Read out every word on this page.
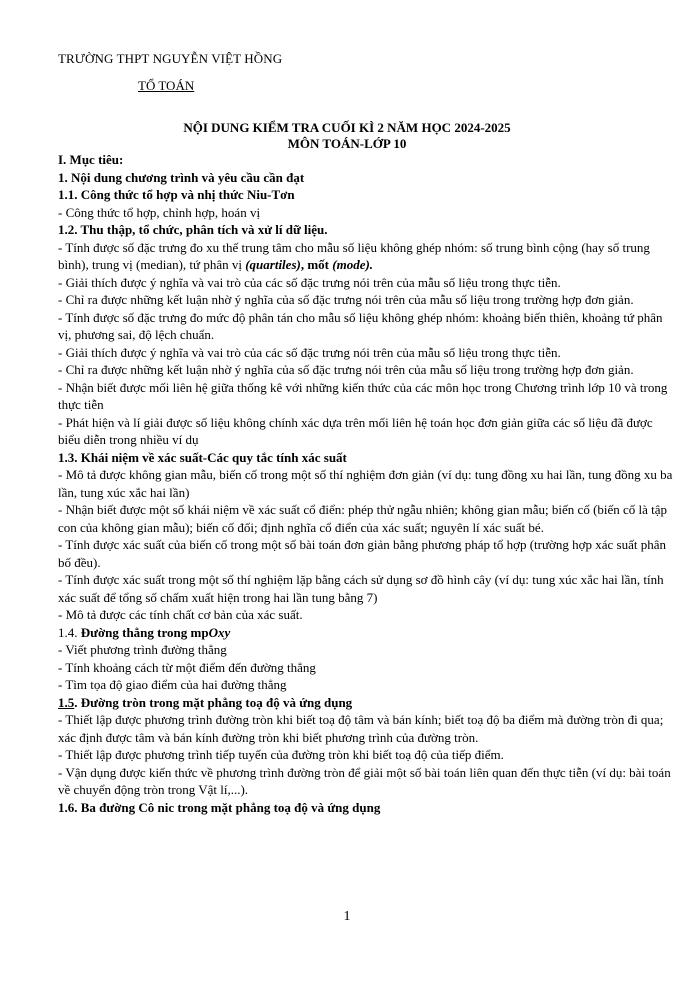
TRƯỜNG THPT NGUYỄN VIỆT HỒNG
TỔ TOÁN
NỘI DUNG KIỂM TRA CUỐI KÌ 2 NĂM HỌC 2024-2025
MÔN TOÁN-LỚP 10

I. Mục tiêu:

1. Nội dung chương trình và yêu cầu cần đạt

1.1. Công thức tổ hợp và nhị thức Niu-Tơn

- Công thức tổ hợp, chỉnh hợp, hoán vị

1.2. Thu thập, tổ chức, phân tích và xử lí dữ liệu.

- Tính được số đặc trưng đo xu thế trung tâm cho mẫu số liệu không ghép nhóm: số trung bình cộng (hay số trung bình), trung vị (median), tứ phân vị (quartiles), mốt (mode).

- Giải thích được ý nghĩa và vai trò của các số đặc trưng nói trên của mẫu số liệu trong thực tiễn.

- Chỉ ra được những kết luận nhờ ý nghĩa của số đặc trưng nói trên của mẫu số liệu trong trường hợp đơn giản.

- Tính được số đặc trưng đo mức độ phân tán cho mẫu số liệu không ghép nhóm: khoảng biến thiên, khoảng tứ phân vị, phương sai, độ lệch chuẩn.

- Giải thích được ý nghĩa và vai trò của các số đặc trưng nói trên của mẫu số liệu trong thực tiễn.

- Chỉ ra được những kết luận nhờ ý nghĩa của số đặc trưng nói trên của mẫu số liệu trong trường hợp đơn giản.

- Nhận biết được mối liên hệ giữa thống kê với những kiến thức của các môn học trong Chương trình lớp 10 và trong thực tiễn

- Phát hiện và lí giải được số liệu không chính xác dựa trên mối liên hệ toán học đơn giản giữa các số liệu đã được biểu diễn trong nhiều ví dụ

1.3. Khái niệm về xác suất-Các quy tắc tính xác suất

- Mô tả được không gian mẫu, biến cố trong một số thí nghiệm đơn giản (ví dụ: tung đồng xu hai lần, tung đồng xu ba lần, tung xúc xắc hai lần)

- Nhận biết được một số khái niệm về xác suất cổ điển: phép thử ngẫu nhiên; không gian mẫu; biến cố (biến cố là tập con của không gian mẫu); biến cố đối; định nghĩa cổ điển của xác suất; nguyên lí xác suất bé.

- Tính được xác suất của biến cố trong một số bài toán đơn giản bằng phương pháp tổ hợp (trường hợp xác suất phân bố đều).

- Tính được xác suất trong một số thí nghiệm lặp bằng cách sử dụng sơ đồ hình cây (ví dụ: tung xúc xắc hai lần, tính xác suất để tổng số chấm xuất hiện trong hai lần tung bằng 7)

- Mô tả được các tính chất cơ bản của xác suất.

1.4. Đường thẳng trong mpOxy

- Viết phương trình đường thẳng

- Tính khoảng cách từ một điểm đến đường thẳng

- Tìm tọa độ giao điểm của hai đường thẳng

1.5. Đường tròn trong mặt phẳng toạ độ và ứng dụng

- Thiết lập được phương trình đường tròn khi biết toạ độ tâm và bán kính; biết toạ độ ba điểm mà đường tròn đi qua; xác định được tâm và bán kính đường tròn khi biết phương trình của đường tròn.

- Thiết lập được phương trình tiếp tuyến của đường tròn khi biết toạ độ của tiếp điểm.

- Vận dụng được kiến thức về phương trình đường tròn để giải một số bài toán liên quan đến thực tiễn (ví dụ: bài toán về chuyển động tròn trong Vật lí,...).

1.6. Ba đường Cô nic trong mặt phẳng toạ độ và ứng dụng

1
